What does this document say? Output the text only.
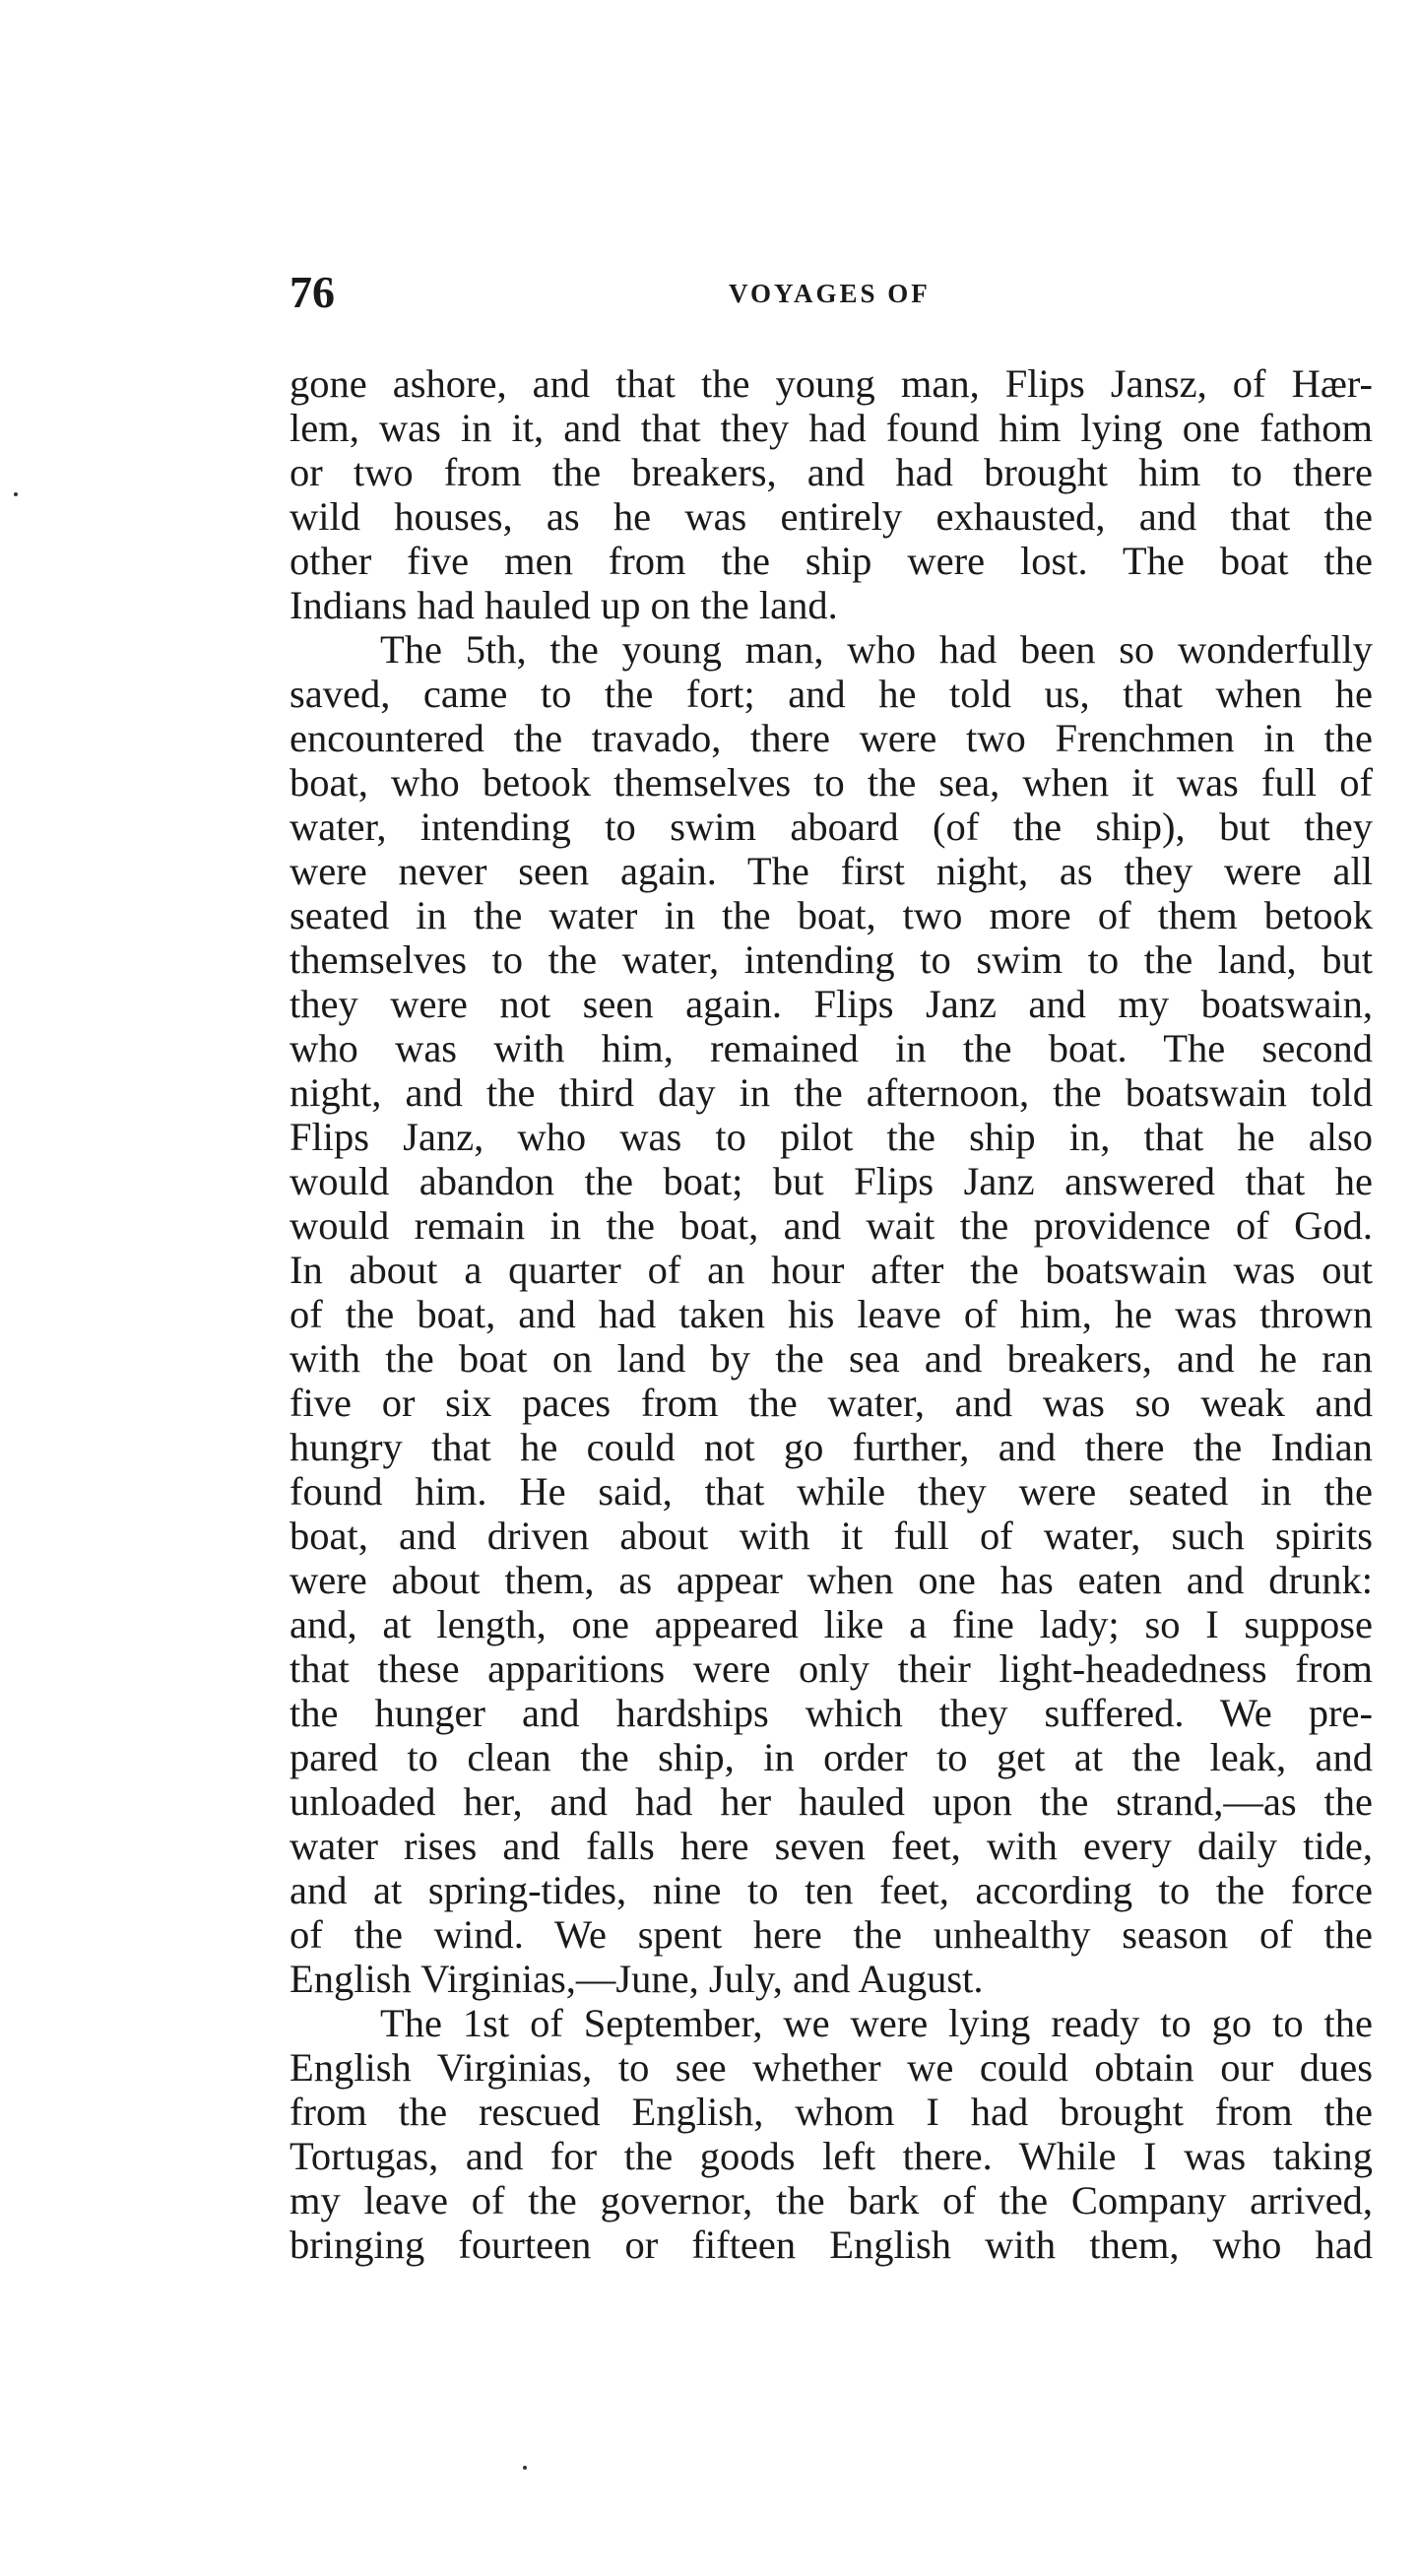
76	VOYAGES OF
gone ashore, and that the young man, Flips Jansz, of Hær-
lem, was in it, and that they had found him lying one fathom
or two from the breakers, and had brought him to there
wild houses, as he was entirely exhausted, and that the
other five men from the ship were lost. The boat the
Indians had hauled up on the land.
The 5th, the young man, who had been so wonderfully
saved, came to the fort; and he told us, that when he
encountered the travado, there were two Frenchmen in the
boat, who betook themselves to the sea, when it was full of
water, intending to swim aboard (of the ship), but they
were never seen again. The first night, as they were all
seated in the water in the boat, two more of them betook
themselves to the water, intending to swim to the land, but
they were not seen again. Flips Janz and my boatswain,
who was with him, remained in the boat. The second
night, and the third day in the afternoon, the boatswain told
Flips Janz, who was to pilot the ship in, that he also
would abandon the boat; but Flips Janz answered that he
would remain in the boat, and wait the providence of God.
In about a quarter of an hour after the boatswain was out
of the boat, and had taken his leave of him, he was thrown
with the boat on land by the sea and breakers, and he ran
five or six paces from the water, and was so weak and
hungry that he could not go further, and there the Indian
found him. He said, that while they were seated in the
boat, and driven about with it full of water, such spirits
were about them, as appear when one has eaten and drunk:
and, at length, one appeared like a fine lady; so I suppose
that these apparitions were only their light-headedness from
the hunger and hardships which they suffered. We pre-
pared to clean the ship, in order to get at the leak, and
unloaded her, and had her hauled upon the strand,—as the
water rises and falls here seven feet, with every daily tide,
and at spring-tides, nine to ten feet, according to the force
of the wind. We spent here the unhealthy season of the
English Virginias,—June, July, and August.
The 1st of September, we were lying ready to go to the
English Virginias, to see whether we could obtain our dues
from the rescued English, whom I had brought from the
Tortugas, and for the goods left there. While I was taking
my leave of the governor, the bark of the Company arrived,
bringing fourteen or fifteen English with them, who had
